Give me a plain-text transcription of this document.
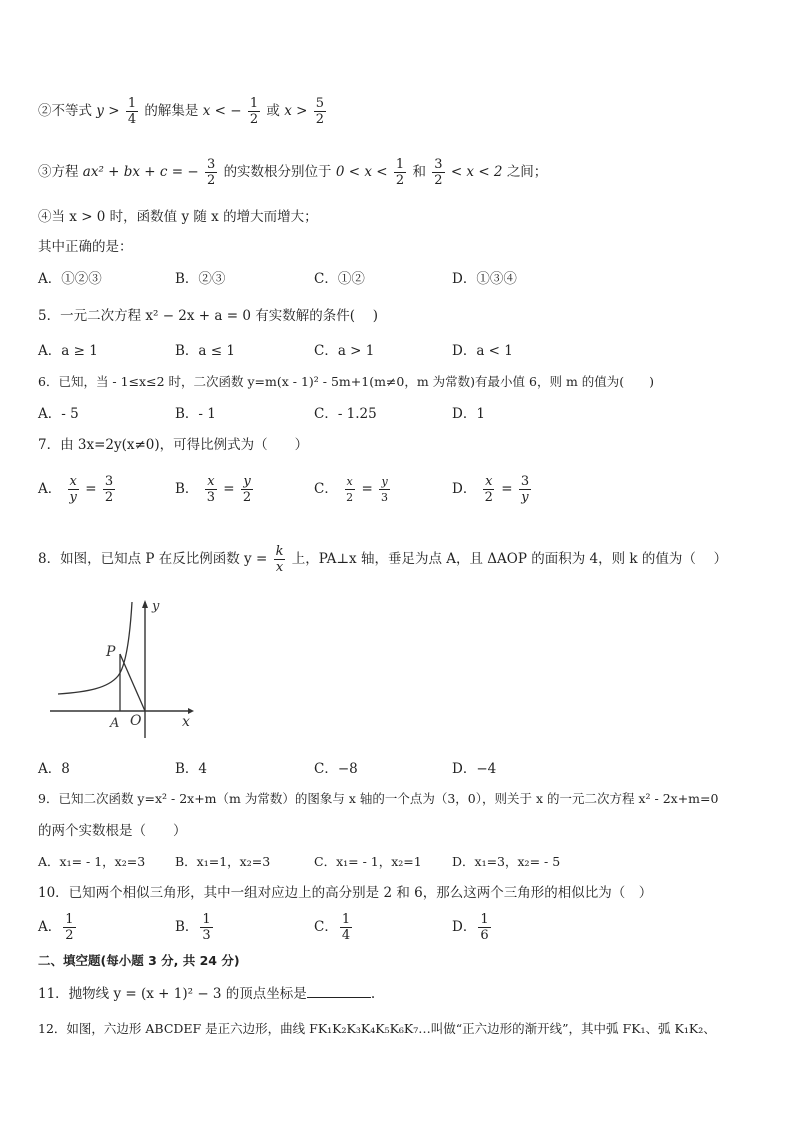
②不等式 $y > \frac{1}{4}$ 的解集是 x < − $\frac{1}{2}$ 或 $x > \frac{5}{2}$
③方程 ax² + bx + c = − $\frac{3}{2}$ 的实数根分别位于 $0 < x < \frac{1}{2}$ 和 $\frac{3}{2} < x < 2$ 之间；
④当 x > 0 时，函数值 y 随 x 的增大而增大；
其中正确的是：
A．①②③	B．②③	C．①②	D．①③④
5．一元二次方程 x² − 2x + a = 0 有实数解的条件(　 )
A．a ≥ 1	B．a ≤ 1	C．a > 1	D．a < 1
6．已知，当 - 1≤x≤2 时，二次函数 y=m(x - 1)² - 5m+1(m≠0，m 为常数)有最小值 6，则 m 的值为(　　)
A．- 5	B．- 1	C．- 1.25	D．1
7．由 3x=2y(x≠0)，可得比例式为（　　）
A． $\frac{x}{y} = \frac{3}{2}$	B． $\frac{x}{3} = \frac{y}{2}$	C． $\frac{x}{2} = \frac{y}{3}$	D． $\frac{x}{2} = \frac{3}{y}$
8．如图，已知点 P 在反比例函数 $y = \frac{k}{x}$ 上，PA⊥x 轴，垂足为点 A，且 ΔAOP 的面积为 4，则 k 的值为（　 ）
P
A O	x
y
A．8	B．4	C．−8	D．−4
9．已知二次函数 y=x² - 2x+m（m 为常数）的图象与 x 轴的一个点为（3，0），则关于 x 的一元二次方程 x² - 2x+m=0
的两个实数根是（　　）
A．x₁= - 1，x₂=3 B．x₁=1，x₂=3	C．x₁= - 1，x₂=1 D．x₁=3，x₂= - 5
10．已知两个相似三角形，其中一组对应边上的高分别是 2 和 6，那么这两个三角形的相似比为（　）
A． $\frac{1}{2}$	B． $\frac{1}{3}$	C． $\frac{1}{4}$	D． $\frac{1}{6}$
二、填空题(每小题 3 分, 共 24 分)
11．抛物线 y = (x + 1)² − 3 的顶点坐标是	.
12．如图，六边形 ABCDEF 是正六边形，曲线 FK₁K₂K₃K₄K₅K₆K₇…叫做“正六边形的渐开线”，其中弧 FK₁、弧 K₁K₂、
